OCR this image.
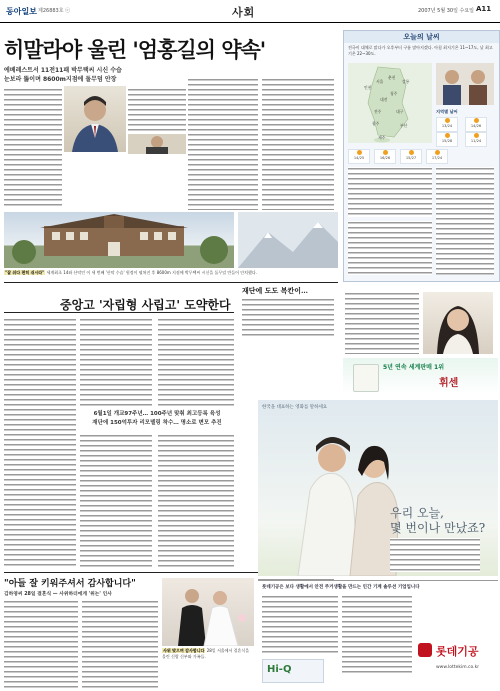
동아일보 제26883호 ⓒ	사회	2007년 5월 30일 수요일 A11
히말라야 울린 '엄홍길의 약속'
에베레스트서 11전11패 박무택씨 시신 수습
눈보라 뚫이며 8600m지점에 돌무덤 안장
"잘 쉬다 편히 쉬시라" 세계최초 14좌 산악인 이 세 번째 '산악 수습' 원정이 펼쳐진 후 8600m 지점에 박무택씨 시신을 돌무덤 만들어 안치했다.
재단에 도도 복칸이…
중앙고 '자립형 사립고' 도약한다
6월1일 개교97주년… 100주년 맞춰 최고등록 육성
재단에 150억투자 리모델링 착수… 명소로 변모 추진
"아들 잘 키워주셔서 감사합니다"
김하영씨 28일 결혼식 — 사위하더에게 '위는' 인사
사위 맞으며 감사합니다 28일 서울에서 결혼식을 올린 신랑 신부와 가족들.
오늘의 날씨
전국이 대체로 맑다가 오후부터 구름 많아지겠다. 아침 최저기온 11~17도, 낮 최고기온 22~30도.
서울
인천
춘천
강릉
대전
청주
전주
광주
대구
부산
제주
지역별 날씨

13/24	14/26

15/28	11/24

14/25	16/26	15/27	17/24
5년 연속 세계판매 1위
휘센
한국을 대표하는 영화를 말하세요
우리 오늘,
몇 번이나 만났죠?
롯데기공은 보다 생활에서 안전 주거생활을 만드는 인간 기계 솔루션 기업입니다
Hi-Q
롯데기공
www.lottekim.co.kr
